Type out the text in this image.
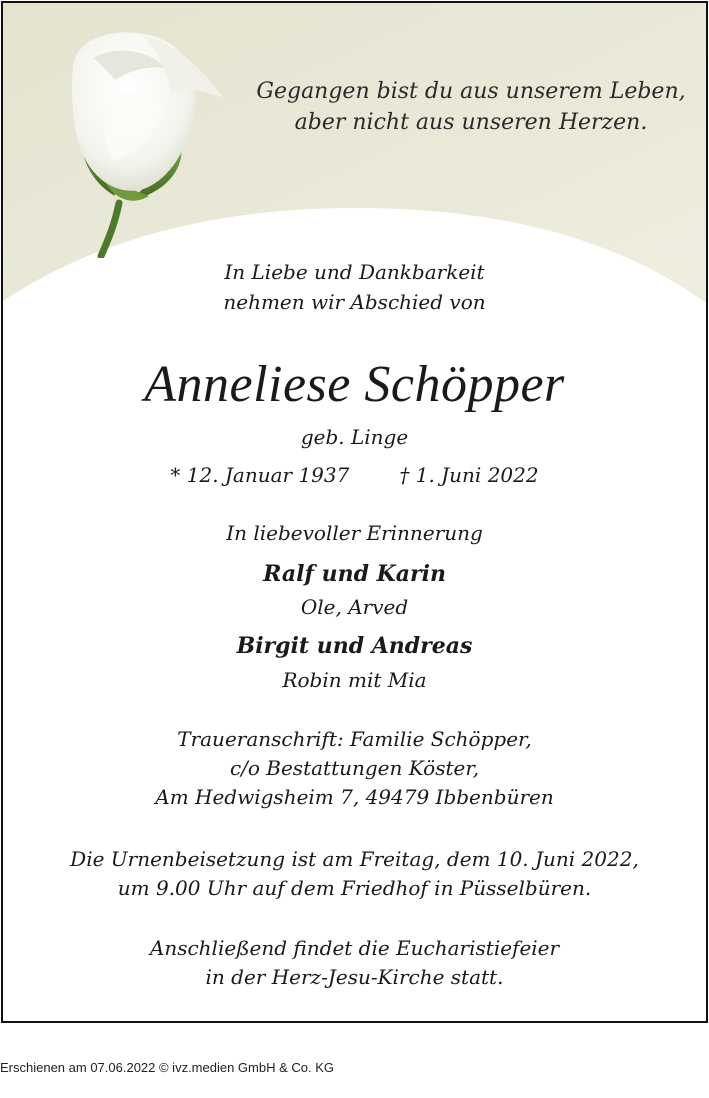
Gegangen bist du aus unserem Leben,
aber nicht aus unseren Herzen.
In Liebe und Dankbarkeit
nehmen wir Abschied von
Anneliese Schöpper
geb. Linge
* 12. Januar 1937	† 1. Juni 2022
In liebevoller Erinnerung
Ralf und Karin
Ole, Arved
Birgit und Andreas
Robin mit Mia
Traueranschrift: Familie Schöpper,
c/o Bestattungen Köster,
Am Hedwigsheim 7, 49479 Ibbenbüren
Die Urnenbeisetzung ist am Freitag, dem 10. Juni 2022,
um 9.00 Uhr auf dem Friedhof in Püsselbüren.
Anschließend findet die Eucharistiefeier
in der Herz-Jesu-Kirche statt.
Erschienen am 07.06.2022 © ivz.medien GmbH & Co. KG
